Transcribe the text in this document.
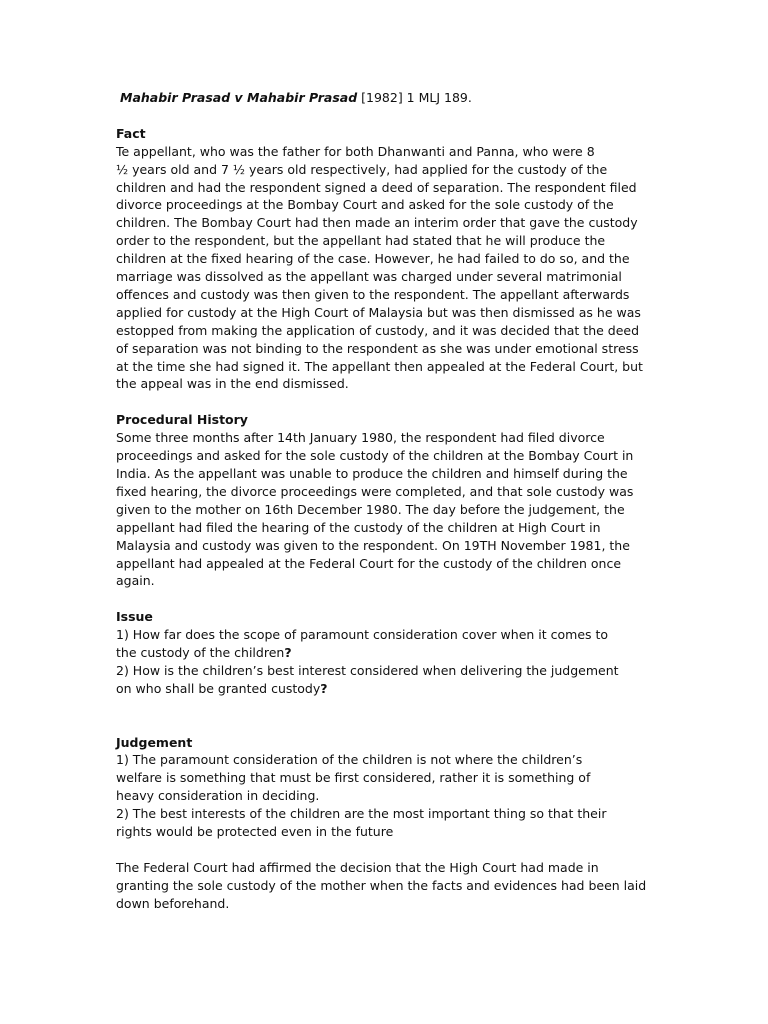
Mahabir Prasad v Mahabir Prasad [1982] 1 MLJ 189.

Fact

Te appellant, who was the father for both Dhanwanti and Panna, who were 8
½ years old and 7 ½ years old respectively, had applied for the custody of the
children and had the respondent signed a deed of separation. The respondent filed
divorce proceedings at the Bombay Court and asked for the sole custody of the
children. The Bombay Court had then made an interim order that gave the custody
order to the respondent, but the appellant had stated that he will produce the
children at the fixed hearing of the case. However, he had failed to do so, and the
marriage was dissolved as the appellant was charged under several matrimonial
offences and custody was then given to the respondent. The appellant afterwards
applied for custody at the High Court of Malaysia but was then dismissed as he was
estopped from making the application of custody, and it was decided that the deed
of separation was not binding to the respondent as she was under emotional stress
at the time she had signed it. The appellant then appealed at the Federal Court, but
the appeal was in the end dismissed.

Procedural History

Some three months after 14th January 1980, the respondent had filed divorce
proceedings and asked for the sole custody of the children at the Bombay Court in
India. As the appellant was unable to produce the children and himself during the
fixed hearing, the divorce proceedings were completed, and that sole custody was
given to the mother on 16th December 1980. The day before the judgement, the
appellant had filed the hearing of the custody of the children at High Court in
Malaysia and custody was given to the respondent. On 19TH November 1981, the
appellant had appealed at the Federal Court for the custody of the children once
again.

Issue

1) How far does the scope of paramount consideration cover when it comes to
the custody of the children?

2) How is the children’s best interest considered when delivering the judgement
on who shall be granted custody?

Judgement

1) The paramount consideration of the children is not where the children’s
welfare is something that must be first considered, rather it is something of
heavy consideration in deciding.
2) The best interests of the children are the most important thing so that their
rights would be protected even in the future

The Federal Court had affirmed the decision that the High Court had made in
granting the sole custody of the mother when the facts and evidences had been laid
down beforehand.
